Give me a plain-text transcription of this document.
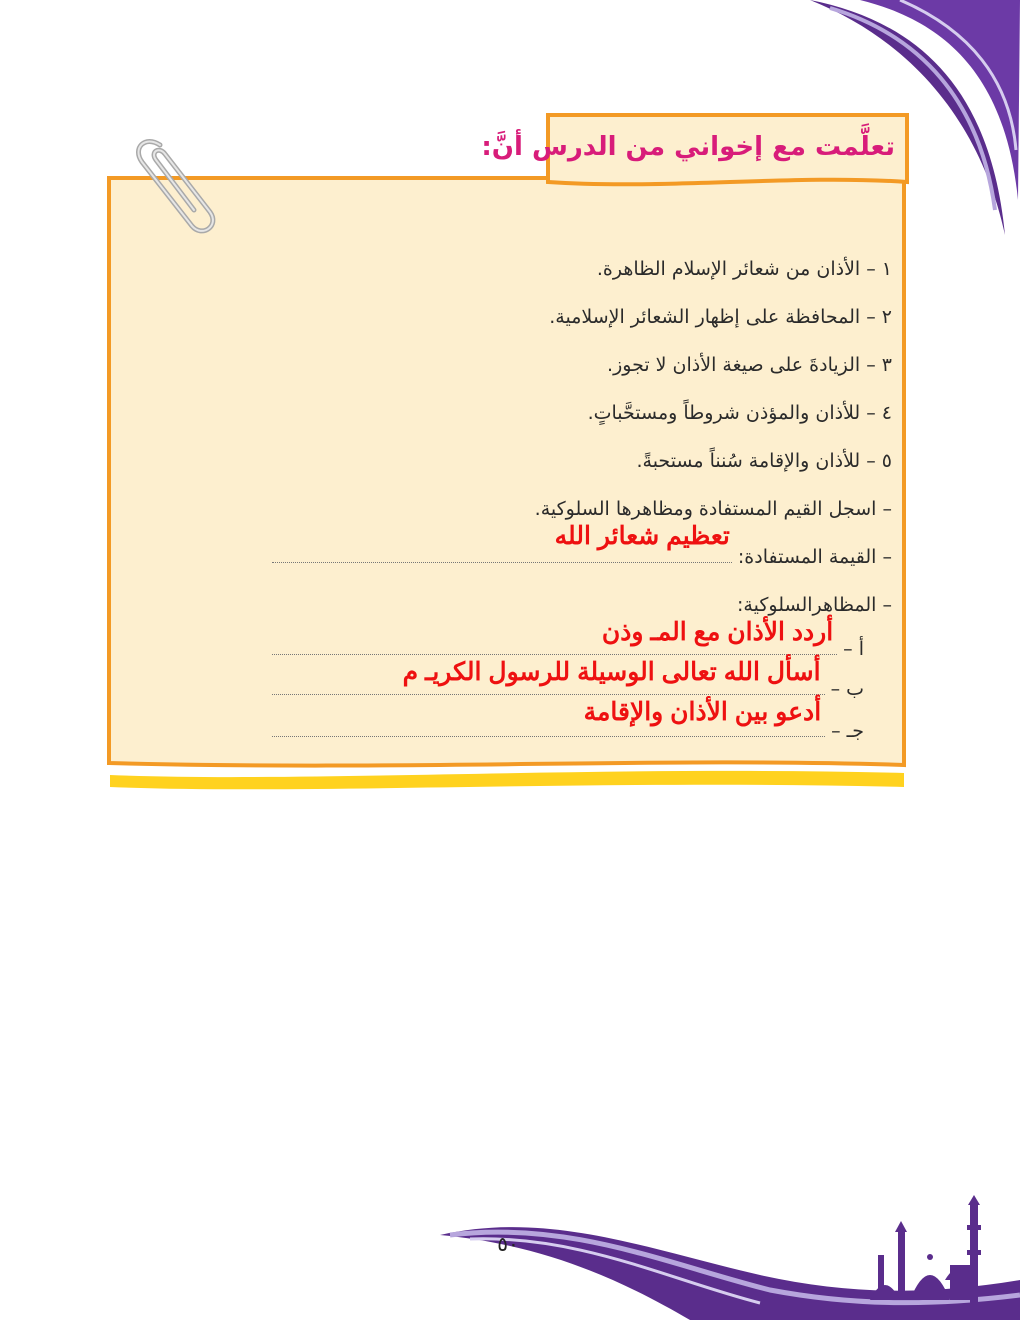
تعلَّمت مع إخواني من الدرس أنَّ:
١ – الأذان من شعائر الإسلام الظاهرة.
٢ – المحافظة على إظهار الشعائر الإسلامية.
٣ – الزيادةَ على صيغة الأذان لا تجوز.
٤ – للأذان والمؤذن شروطاً ومستحَّباتٍ.
٥ – للأذان والإقامة سُنناً مستحبةً.
– اسجل القيم المستفادة ومظاهرها السلوكية.
– القيمة المستفادة:
تعظيم شعائر الله
– المظاهرالسلوكية:
أ –
أردد الأذان مع المـ وذن
ب –
أسأل الله تعالى الوسيلة للرسول الكريـ م
جـ –
أدعو بين الأذان والإقامة
٥٠
